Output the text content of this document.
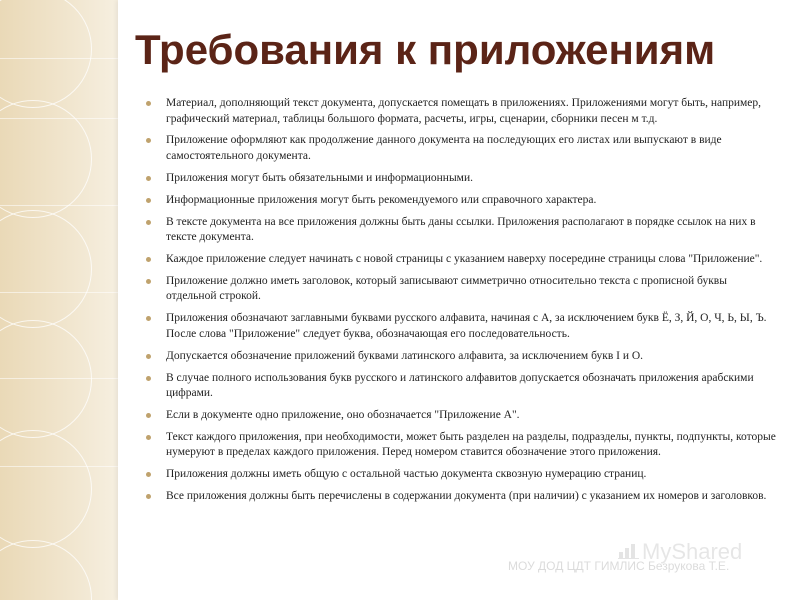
Требования к приложениям
Материал, дополняющий текст документа, допускается помещать в приложениях. Приложениями могут быть, например, графический материал, таблицы большого формата, расчеты, игры, сценарии, сборники песен м т.д.
Приложение оформляют как продолжение данного документа на последующих его листах или выпускают в виде самостоятельного документа.
Приложения могут быть обязательными и информационными.
Информационные приложения могут быть рекомендуемого или справочного характера.
В тексте документа на все приложения должны быть даны ссылки. Приложения располагают в порядке ссылок на них в тексте документа.
Каждое приложение следует начинать с новой страницы с указанием наверху посередине страницы слова "Приложение".
Приложение должно иметь заголовок, который записывают симметрично относительно текста с прописной буквы отдельной строкой.
Приложения обозначают заглавными буквами русского алфавита, начиная с А, за исключением букв Ё, З, Й, О, Ч, Ь, Ы, Ъ. После слова "Приложение" следует буква, обозначающая его последовательность.
Допускается обозначение приложений буквами латинского алфавита, за исключением букв I и O.
В случае полного использования букв русского и латинского алфавитов допускается обозначать приложения арабскими цифрами.
Если в документе одно приложение, оно обозначается "Приложение А".
Текст каждого приложения, при необходимости, может быть разделен на разделы, подразделы, пункты, подпункты, которые нумеруют в пределах каждого приложения. Перед номером ставится обозначение этого приложения.
Приложения должны иметь общую с остальной частью документа сквозную нумерацию страниц.
Все приложения должны быть перечислены в содержании документа (при наличии) с указанием их номеров и заголовков.
МОУ ДОД ЦДТ ГИМЛИС Безрукова Т.Е.
